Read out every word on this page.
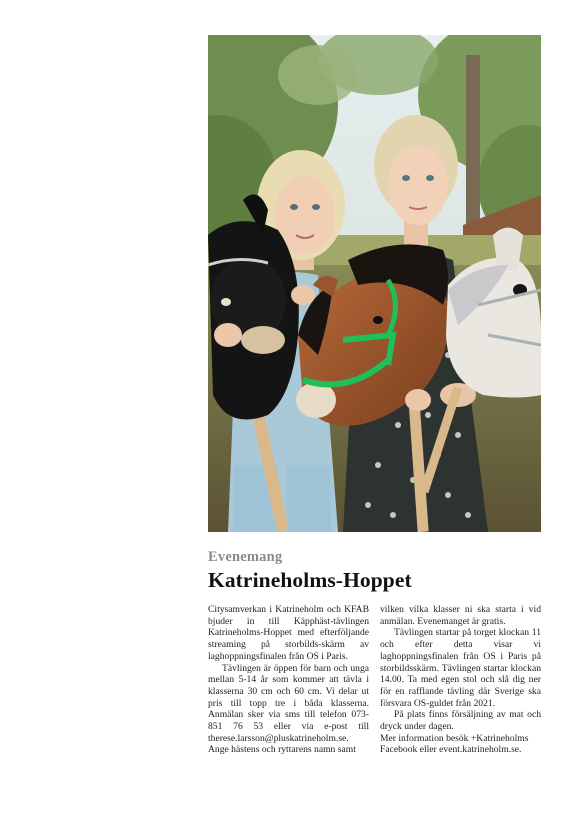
Evenemang
Katrineholms-Hoppet

Citysamverkan i Katrineholm och KFAB bjuder in till Käpphäst-tävlingen Katrineholms-Hoppet med efterföljande streaming på storbilds-skärm av laghoppningsfinalen från OS i Paris.

Tävlingen är öppen för barn och unga mellan 5-14 år som kommer att tävla i klasserna 30 cm och 60 cm. Vi delar ut pris till topp tre i båda klasserna. Anmälan sker via sms till telefon 073-851 76 53 eller via e-post till therese.larsson@pluskatrineholm.se. Ange hästens och ryttarens namn samt

vilken vilka klasser ni ska starta i vid anmälan. Evenemanget är gratis.

Tävlingen startar på torget klockan 11 och efter detta visar vi laghoppningsfinalen från OS i Paris på storbildsskärm. Tävlingen startar klockan 14.00. Ta med egen stol och slå dig ner för en rafflande tävling där Sverige ska försvara OS-guldet från 2021.

På plats finns försäljning av mat och dryck under dagen.

Mer information besök +Katrineholms Facebook eller event.katrineholm.se.
